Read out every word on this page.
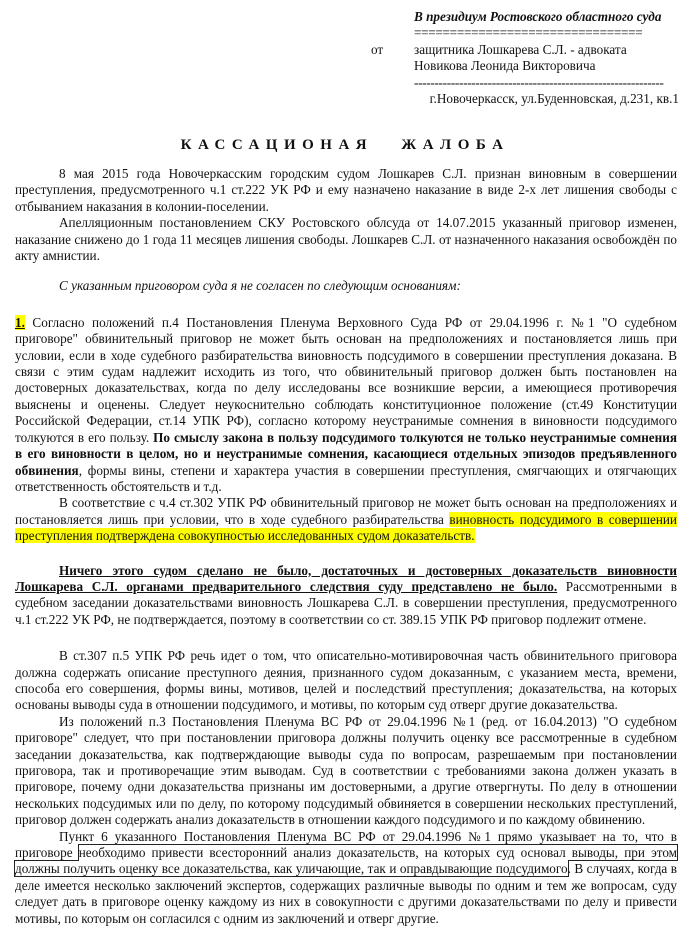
В президиум Ростовского областного суда
================================
защитника Лошкарева С.Л. - адвоката
Новикова Леонида Викторовича
-------------------------------------------------------------
г.Новочеркасск, ул.Буденновская, д.231, кв.1
от
КАССАЦИОНАЯ ЖАЛОБА

8 мая 2015 года Новочеркасским городским судом Лошкарев С.Л. признан виновным в совершении преступления, предусмотренного ч.1 ст.222 УК РФ и ему назначено наказание в виде 2-х лет лишения свободы с отбыванием наказания в колонии-поселении.

Апелляционным постановлением СКУ Ростовского облсуда от 14.07.2015 указанный приговор изменен, наказание снижено до 1 года 11 месяцев лишения свободы. Лошкарев С.Л. от назначенного наказания освобождён по акту амнистии.

С указанным приговором суда я не согласен по следующим основаниям:

1. Согласно положений п.4 Постановления Пленума Верховного Суда РФ от 29.04.1996 г. №1 "О судебном приговоре" обвинительный приговор не может быть основан на предположениях и постановляется лишь при условии, если в ходе судебного разбирательства виновность подсудимого в совершении преступления доказана. В связи с этим судам надлежит исходить из того, что обвинительный приговор должен быть постановлен на достоверных доказательствах, когда по делу исследованы все возникшие версии, а имеющиеся противоречия выяснены и оценены. Следует неукоснительно соблюдать конституционное положение (ст.49 Конституции Российской Федерации, ст.14 УПК РФ), согласно которому неустранимые сомнения в виновности подсудимого толкуются в его пользу. По смыслу закона в пользу подсудимого толкуются не только неустранимые сомнения в его виновности в целом, но и неустранимые сомнения, касающиеся отдельных эпизодов предъявленного обвинения, формы вины, степени и характера участия в совершении преступления, смягчающих и отягчающих ответственность обстоятельств и т.д.

В соответствие с ч.4 ст.302 УПК РФ обвинительный приговор не может быть основан на предположениях и постановляется лишь при условии, что в ходе судебного разбирательства виновность подсудимого в совершении преступления подтверждена совокупностью исследованных судом доказательств.

Ничего этого судом сделано не было, достаточных и достоверных доказательств виновности Лошкарева С.Л. органами предварительного следствия суду представлено не было. Рассмотренными в судебном заседании доказательствами виновность Лошкарева С.Л. в совершении преступления, предусмотренного ч.1 ст.222 УК РФ, не подтверждается, поэтому в соответствии со ст. 389.15 УПК РФ приговор подлежит отмене.

В ст.307 п.5 УПК РФ речь идет о том, что описательно-мотивировочная часть обвинительного приговора должна содержать описание преступного деяния, признанного судом доказанным, с указанием места, времени, способа его совершения, формы вины, мотивов, целей и последствий преступления; доказательства, на которых основаны выводы суда в отношении подсудимого, и мотивы, по которым суд отверг другие доказательства.

Из положений п.3 Постановления Пленума ВС РФ от 29.04.1996 №1 (ред. от 16.04.2013) "О судебном приговоре" следует, что при постановлении приговора должны получить оценку все рассмотренные в судебном заседании доказательства, как подтверждающие выводы суда по вопросам, разрешаемым при постановлении приговора, так и противоречащие этим выводам. Суд в соответствии с требованиями закона должен указать в приговоре, почему одни доказательства признаны им достоверными, а другие отвергнуты. По делу в отношении нескольких подсудимых или по делу, по которому подсудимый обвиняется в совершении нескольких преступлений, приговор должен содержать анализ доказательств в отношении каждого подсудимого и по каждому обвинению.

Пункт 6 указанного Постановления Пленума ВС РФ от 29.04.1996 №1 прямо указывает на то, что в приговоре необходимо привести всесторонний анализ доказательств, на которых суд основал выводы, при этом должны получить оценку все доказательства, как уличающие, так и оправдывающие подсудимого. В случаях, когда в деле имеется несколько заключений экспертов, содержащих различные выводы по одним и тем же вопросам, суду следует дать в приговоре оценку каждому из них в совокупности с другими доказательствами по делу и привести мотивы, по которым он согласился с одним из заключений и отверг другие.
